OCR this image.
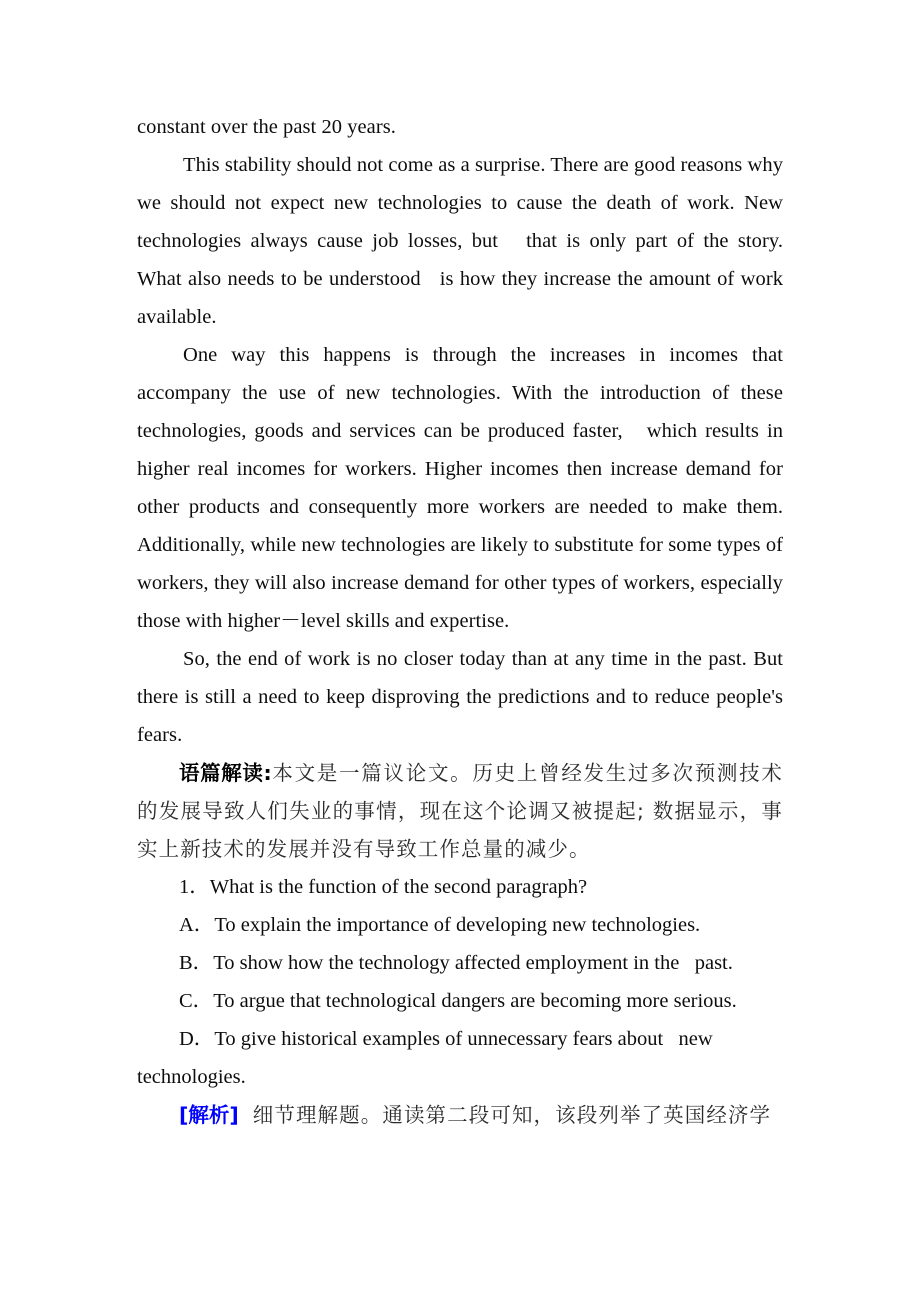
constant over the past 20 years.

This stability should not come as a surprise. There are good reasons why we should not expect new technologies to cause the death of work. New technologies always cause job losses, but   that is only part of the story.   What also needs to be understood   is how they increase the amount of work available.

One way this happens is through the increases in incomes that accompany the use of new technologies. With the introduction of these technologies, goods and services can be produced faster,   which results in higher real incomes for workers. Higher incomes then increase demand for other products and consequently more workers are needed to make them. Additionally, while new technologies are likely to substitute for some types of workers, they will also increase demand for other types of workers, especially those with higher－level skills and expertise.

So, the end of work is no closer today than at any time in the past. But there is still a need to keep disproving the predictions and to reduce people's fears.

语篇解读:本文是一篇议论文。历史上曾经发生过多次预测技术的发展导致人们失业的事情，现在这个论调又被提起; 数据显示，事实上新技术的发展并没有导致工作总量的减少。

1．What is the function of the second paragraph?

A．To explain the importance of developing new technologies.

B．To show how the technology affected employment in the   past.

C．To argue that technological dangers are becoming more serious.

D．To give historical examples of unnecessary fears about   new

technologies.

[解析] 细节理解题。通读第二段可知，该段列举了英国经济学
